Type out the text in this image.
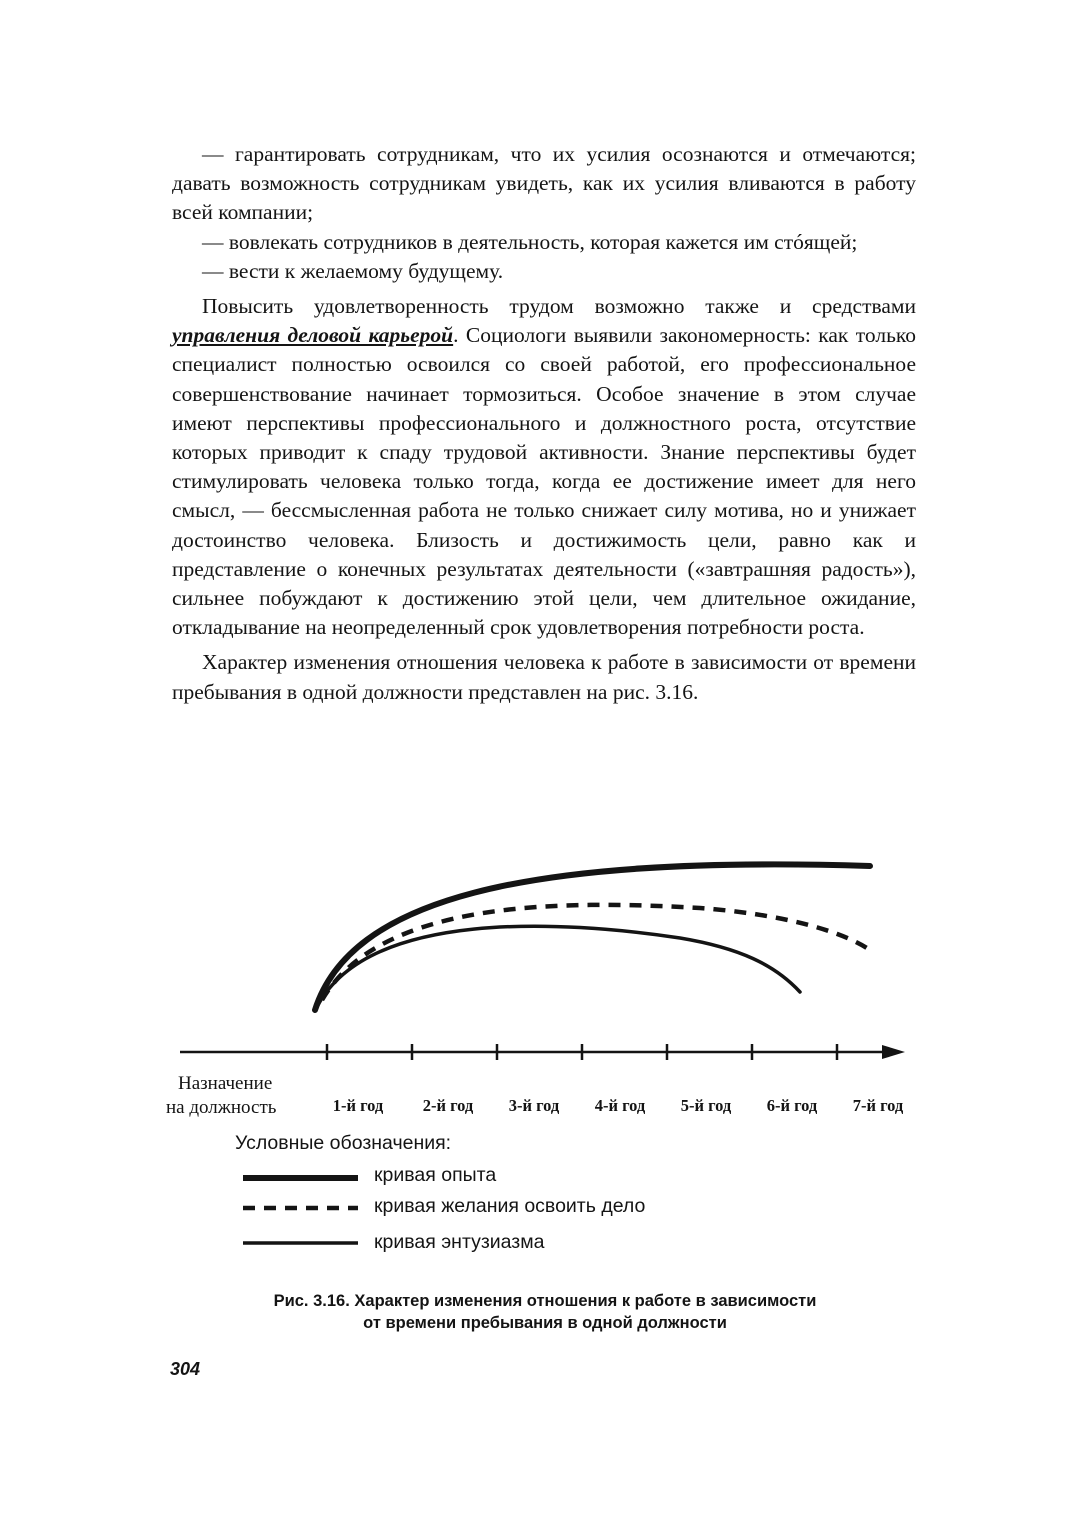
— гарантировать сотрудникам, что их усилия осознаются и отмечаются; давать возможность сотрудникам увидеть, как их усилия вливаются в работу всей компании;

— вовлекать сотрудников в деятельность, которая кажется им стóящей;

— вести к желаемому будущему.

Повысить удовлетворенность трудом возможно также и средствами управления деловой карьерой. Социологи выявили закономерность: как только специалист полностью освоился со своей работой, его профессиональное совершенствование начинает тормозиться. Особое значение в этом случае имеют перспективы профессионального и должностного роста, отсутствие которых приводит к спаду трудовой активности. Знание перспективы будет стимулировать человека только тогда, когда ее достижение имеет для него смысл, — бессмысленная работа не только снижает силу мотива, но и унижает достоинство человека. Близость и достижимость цели, равно как и представление о конечных результатах деятельности («завтрашняя радость»), сильнее побуждают к достижению этой цели, чем длительное ожидание, откладывание на неопределенный срок удовлетворения потребности роста.

Характер изменения отношения человека к работе в зависимости от времени пребывания в одной должности представлен на рис. 3.16.

Назначение
на должность	1-й год 2-й год 3-й год 4-й год 5-й год 6-й год 7-й год
Условные обозначения:
кривая опыта
кривая желания освоить дело
кривая энтузиазма
Рис. 3.16. Характер изменения отношения к работе в зависимости
от времени пребывания в одной должности
304
